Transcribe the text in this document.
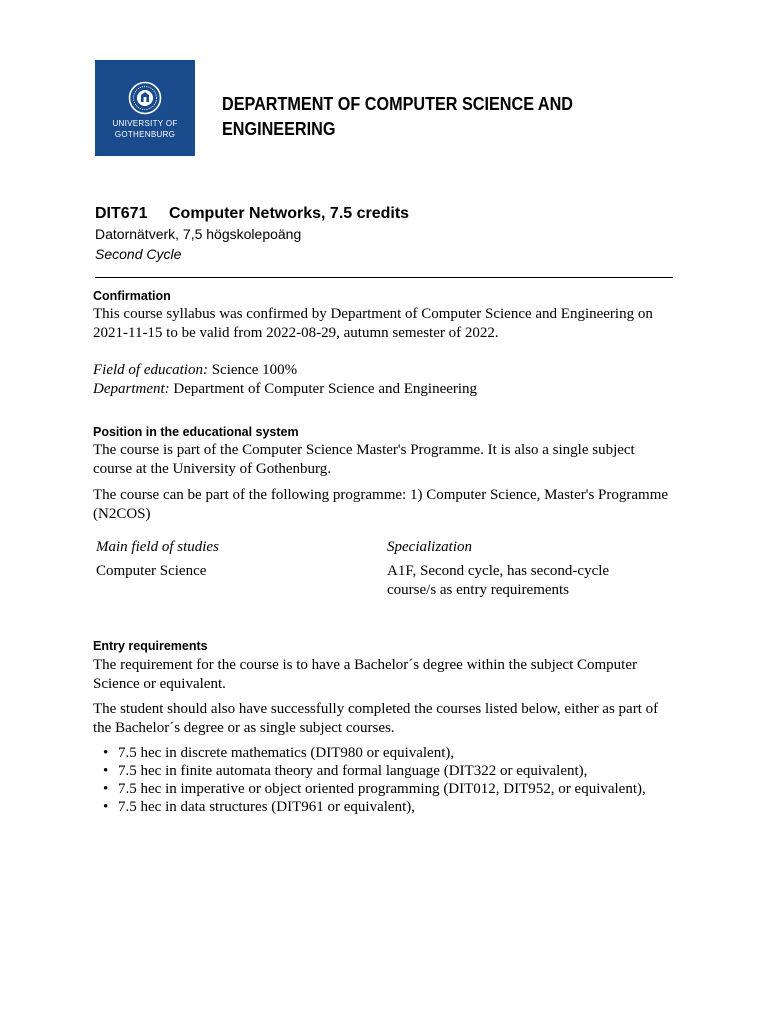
UNIVERSITY OF
GOTHENBURG
DEPARTMENT OF COMPUTER SCIENCE AND ENGINEERING
DIT671 Computer Networks, 7.5 credits
Datornätverk, 7,5 högskolepoäng
Second Cycle
Confirmation
This course syllabus was confirmed by Department of Computer Science and Engineering on 2021-11-15 to be valid from 2022-08-29, autumn semester of 2022.
Field of education: Science 100%
Department: Department of Computer Science and Engineering
Position in the educational system
The course is part of the Computer Science Master's Programme. It is also a single subject course at the University of Gothenburg.
The course can be part of the following programme: 1) Computer Science, Master's Programme (N2COS)
Main field of studies	Specialization
Computer Science	A1F, Second cycle, has second-cycle course/s as entry requirements
Entry requirements
The requirement for the course is to have a Bachelor´s degree within the subject Computer Science or equivalent.
The student should also have successfully completed the courses listed below, either as part of the Bachelor´s degree or as single subject courses.
• 7.5 hec in discrete mathematics (DIT980 or equivalent),
• 7.5 hec in finite automata theory and formal language (DIT322 or equivalent),
• 7.5 hec in imperative or object oriented programming (DIT012, DIT952, or equivalent),
• 7.5 hec in data structures (DIT961 or equivalent),
